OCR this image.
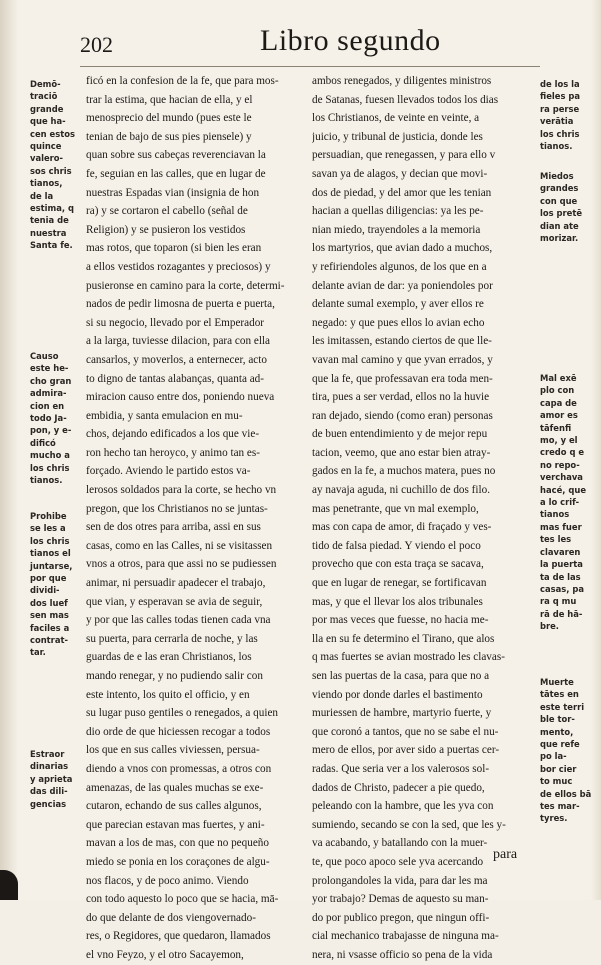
202	Libro segundo
ficó en la confesion de la fe, que para mos-
trar la estima, que hacian de ella, y el
menosprecio del mundo (pues este le
tenian de bajo de sus pies piensele) y
quan sobre sus cabeças reverenciavan la
fe, seguian en las calles, que en lugar de
nuestras Espadas vian (insignia de hon
ra) y se cortaron el cabello (señal de
Religion) y se pusieron los vestidos
mas rotos, que toparon (si bien les eran
a ellos vestidos rozagantes y preciosos) y
pusieronse en camino para la corte, determi-
nados de pedir limosna de puerta e puerta,
si su negocio, llevado por el Emperador
a la larga, tuviesse dilacion, para con ella
cansarlos, y moverlos, a enternecer, acto
to digno de tantas alabanças, quanta ad-
miracion causo entre dos, poniendo nueva
embidia, y santa emulacion en mu-
chos, dejando edificados a los que vie-
ron hecho tan heroyco, y animo tan es-
forçado. Aviendo le partido estos va-
lerosos soldados para la corte, se hecho vn
pregon, que los Christianos no se juntas-
sen de dos otres para arriba, assi en sus
casas, como en las Calles, ni se visitassen
vnos a otros, para que assi no se pudiessen
animar, ni persuadir apadecer el trabajo,
que vian, y esperavan se avia de seguir,
y por que las calles todas tienen cada vna
su puerta, para cerrarla de noche, y las
guardas de e las eran Christianos, los
mando renegar, y no pudiendo salir con
este intento, los quito el officio, y en
su lugar puso gentiles o renegados, a quien
dio orde de que hiciessen recogar a todos
los que en sus calles viviessen, persua-
diendo a vnos con promessas, a otros con
amenazas, de las quales muchas se exe-
cutaron, echando de sus calles algunos,
que parecian estavan mas fuertes, y ani-
mavan a los de mas, con que no pequeño
miedo se ponia en los coraçones de algu-
nos flacos, y de poco animo. Viendo
con todo aquesto lo poco que se hacia, mā-
do que delante de dos viengovernado-
res, o Regidores, que quedaron, llamados
el vno Feyzo, y el otro Sacayemon,
ambos renegados, y diligentes ministros
de Satanas, fuesen llevados todos los dias
los Christianos, de veinte en veinte, a
juicio, y tribunal de justicia, donde les
persuadian, que renegassen, y para ello v
savan ya de alagos, y decian que movi-
dos de piedad, y del amor que les tenian
hacian a quellas diligencias: ya les pe-
nian miedo, trayendoles a la memoria
los martyrios, que avian dado a muchos,
y refiriendoles algunos, de los que en a
delante avian de dar: ya poniendoles por
delante sumal exemplo, y aver ellos re
negado: y que pues ellos lo avian echo
les imitassen, estando ciertos de que lle-
vavan mal camino y que yvan errados, y
que la fe, que professavan era toda men-
tira, pues a ser verdad, ellos no la huvie
ran dejado, siendo (como eran) personas
de buen entendimiento y de mejor repu
tacion, veemo, que ano estar bien atray-
gados en la fe, a muchos matera, pues no
ay navaja aguda, ni cuchillo de dos filo.
mas penetrante, que vn mal exemplo,
mas con capa de amor, di fraçado y ves-
tido de falsa piedad. Y viendo el poco
provecho que con esta traça se sacava,
que en lugar de renegar, se fortificavan
mas, y que el llevar los alos tribunales
por mas veces que fuesse, no hacia me-
lla en su fe determino el Tirano, que alos
q mas fuertes se avian mostrado les clavas-
sen las puertas de la casa, para que no a
viendo por donde darles el bastimento
muriessen de hambre, martyrio fuerte, y
que coronó a tantos, que no se sabe el nu-
mero de ellos, por aver sido a puertas cer-
radas. Que seria ver a los valerosos sol-
dados de Christo, padecer a pie quedo,
peleando con la hambre, que les yva con
sumiendo, secando se con la sed, que les y-
va acabando, y batallando con la muer-
te, que poco apoco sele yva acercando
prolongandoles la vida, para dar les ma
yor trabajo? Demas de aquesto su man-
do por publico pregon, que ningun offi-
cial mechanico trabajasse de ninguna ma-
nera, ni vsasse officio so pena de la vida
Demō-
traciō
grande
que ha-
cen estos
quince
valero-
sos chris
tianos,
de la
estima, q
tenia de
nuestra
Santa fe.
Causo
este he-
cho gran
admira-
cion en
todo Ja-
pon, y e-
dificó
mucho a
los chris
tianos.
Prohibe
se les a
los chris
tianos el
juntarse,
por que
dividi-
dos luef
sen mas
faciles a
contrat-
tar.
Estraor
dinarias
y aprieta
das dili-
gencias
de los la
fieles pa
ra perse
verātia
los chris
tianos.
Miedos
grandes
con que
los pretē
dian ate
morizar.
Mal exē
plo con
capa de
amor es
tāfenfi
mo, y el
credo q e
no repo-
verchava
hacé, que
a lo crif-
tianos
mas fuer
tes les
clavaren
la puerta
ta de las
casas, pa
ra q mu
rā de hā-
bre.
Muerte
tātes en
este terri
ble tor-
mento,
que refe
po la-
bor cier
to muc
de ellos bā
tes mar-
tyres.
para
